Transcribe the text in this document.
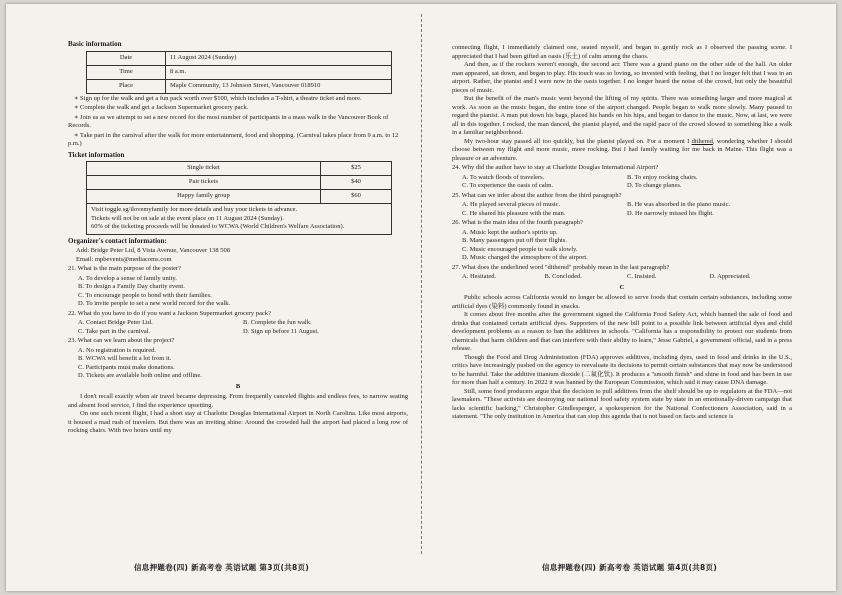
Basic information
Date	11 August 2024 (Sunday)
Time	8 a.m.
Place	Maple Community, 13 Johnson Street, Vancouver 018910
∗ Sign up for the walk and get a fun pack worth over $100, which includes a T-shirt, a theatre ticket and more.
∗ Complete the walk and get a Jackson Supermarket grocery pack.
∗ Join us as we attempt to set a new record for the most number of participants in a mass walk in the Vancouver Book of Records.
∗ Take part in the carnival after the walk for more entertainment, food and shopping. (Carnival takes place from 9 a.m. to 12 p.m.)
Ticket information
Single ticket	$25
Pair tickets	$40
Happy family group	$60

Visit toggle.sg/ilovemyfamily for more details and buy your tickets in advance.
Tickets will not be on sale at the event place on 11 August 2024 (Sunday).
60% of the ticketing proceeds will be donated to WCWA (World Children's Welfare Association).	
Organizer's contact information:
Add: Bridge Peter Ltd, 8 Vista Avenue, Vancouver 138 508
Email: mpbevents@mediacoms.com
21. What is the main purpose of the poster?
A. To develop a sense of family unity.
B. To design a Family Day charity event.
C. To encourage people to bond with their families.
D. To invite people to set a new world record for the walk.
22. What do you have to do if you want a Jackson Supermarket grocery pack?
A. Contact Bridge Peter Ltd.	B. Complete the fun walk.
C. Take part in the carnival.	D. Sign up before 11 August.
23. What can we learn about the project?
A. No registration is required.
B. WCWA will benefit a lot from it.
C. Participants must make donations.
D. Tickets are available both online and offline.
B

I don't recall exactly when air travel became depressing. From frequently canceled flights and endless fees, to narrow seating and absent food service, I find the experience upsetting.

On one such recent flight, I had a short stay at Charlotte Douglas International Airport in North Carolina. Like most airports, it housed a mad rush of travelers. But there was an inviting shine: Around the crowded hall the airport had placed a long row of rocking chairs. With two hours until my

connecting flight, I immediately claimed one, seated myself, and began to gently rock as I observed the passing scene. I appreciated that I had been gifted an oasis (乐土) of calm among the chaos.

And then, as if the rockers weren't enough, the second act: There was a grand piano on the other side of the hall. An older man appeared, sat down, and began to play. His touch was so loving, so invested with feeling, that I no longer felt that I was in an airport. Rather, the pianist and I were now in the oasis together. I no longer heard the noise of the crowd, but only the beautiful pieces of music.

But the benefit of the man's music went beyond the lifting of my spirits. There was something larger and more magical at work. As soon as the music began, the entire tone of the airport changed. People began to walk more slowly. Many paused to regard the pianist. A man put down his bags, placed his hands on his hips, and began to dance to the music. Now, at last, we were all in this together. I rocked, the man danced, the pianist played, and the rapid pace of the crowd slowed to something like a walk in a familiar neighborhood.

My two-hour stay passed all too quickly, but the pianist played on. For a moment I dithered, wondering whether I should choose between my flight and more music, more rocking. But I had family waiting for me back in Maine. This flight was a pleasure or an adventure.

24. Why did the author have to stay at Charlotte Douglas International Airport?
A. To watch floods of travelers.	B. To enjoy rocking chairs.
C. To experience the oasis of calm.	D. To change planes.
25. What can we infer about the author from the third paragraph?
A. He played several pieces of music.	B. He was absorbed in the piano music.
C. He shared his pleasure with the man.	D. He narrowly missed his flight.
26. What is the main idea of the fourth paragraph?
A. Music kept the author's spirits up.
B. Many passengers put off their flights.
C. Music encouraged people to walk slowly.
D. Music changed the atmosphere of the airport.
27. What does the underlined word "dithered" probably mean in the last paragraph?
A. Hesitated.	B. Concluded.	C. Insisted.	D. Appreciated.
C

Public schools across California would no longer be allowed to serve foods that contain certain substances, including some artificial dyes (染料) commonly found in snacks.

It comes about five months after the government signed the California Food Safety Act, which banned the sale of food and drinks that contained certain artificial dyes. Supporters of the new bill point to a possible link between artificial dyes and child development problems as a reason to ban the additives in schools. "California has a responsibility to protect our students from chemicals that harm children and that can interfere with their ability to learn," Jesse Gabriel, a government official, said in a press release.

Though the Food and Drug Administration (FDA) approves additives, including dyes, used in food and drinks in the U.S., critics have increasingly pushed on the agency to reevaluate its decisions to permit certain substances that may now be understood to be harmful. Take the additive titanium dioxide (二氧化钛). It produces a "smooth finish" and shine in food and has been in use for more than half a century. In 2022 it was banned by the European Commission, which said it may cause DNA damage.

Still, some food producers argue that the decision to pull additives from the shelf should be up to regulators at the FDA—not lawmakers. "These activists are destroying our national food safety system state by state in an emotionally-driven campaign that lacks scientific backing," Christopher Gindlesperger, a spokesperson for the National Confectioners Association, said in a statement. "The only institution in America that can stop this agenda that is not based on facts and science is

信息押题卷(四) 新高考卷 英语试题 第3页(共8页)	信息押题卷(四) 新高考卷 英语试题 第4页(共8页)
